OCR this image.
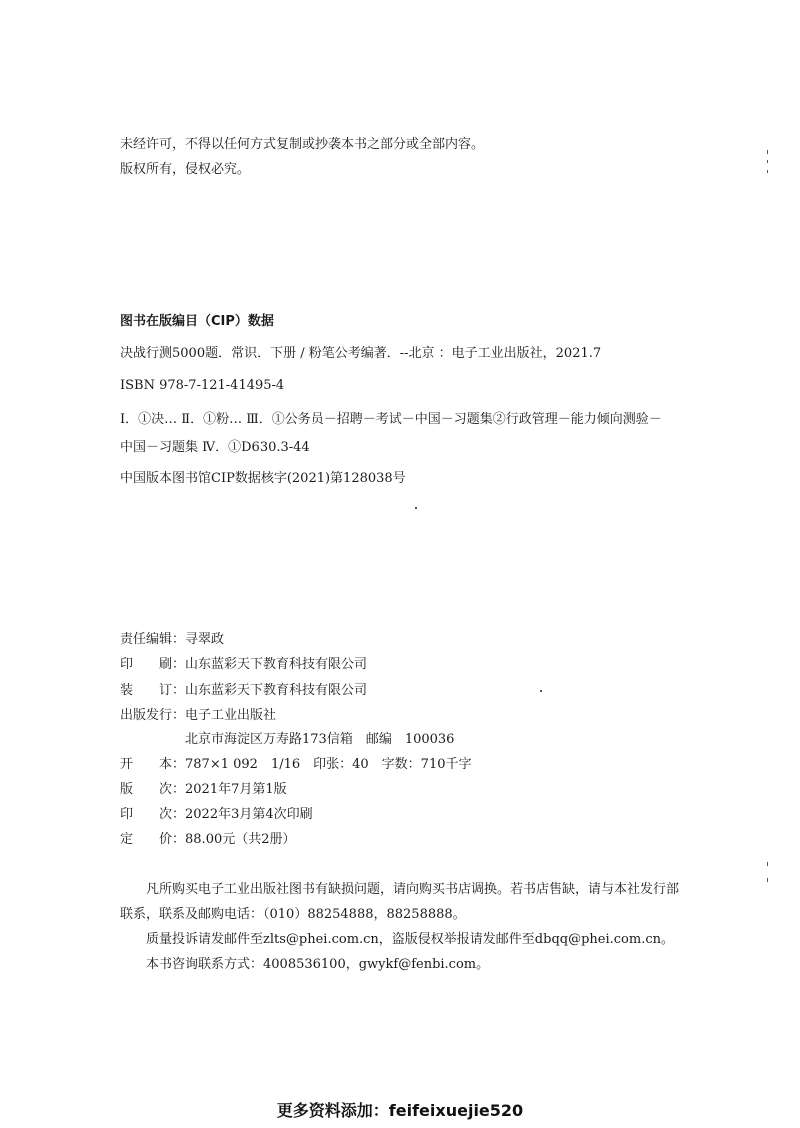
未经许可，不得以任何方式复制或抄袭本书之部分或全部内容。
版权所有，侵权必究。
图书在版编目（CIP）数据
决战行测5000题．常识．下册 / 粉笔公考编著．--北京 ：电子工业出版社，2021.7
ISBN 978-7-121-41495-4
Ⅰ．①决… Ⅱ．①粉… Ⅲ．①公务员－招聘－考试－中国－习题集②行政管理－能力倾向测验－
中国－习题集 Ⅳ．①D630.3-44
中国版本图书馆CIP数据核字(2021)第128038号
责任编辑：寻翠政
印　　刷：山东蓝彩天下教育科技有限公司
装　　订：山东蓝彩天下教育科技有限公司
出版发行：电子工业出版社
北京市海淀区万寿路173信箱　邮编　100036
开　　本：787×1 092　1/16　印张：40　字数：710千字
版　　次：2021年7月第1版
印　　次：2022年3月第4次印刷
定　　价：88.00元（共2册）
凡所购买电子工业出版社图书有缺损问题，请向购买书店调换。若书店售缺，请与本社发行部
联系，联系及邮购电话：（010）88254888，88258888。
质量投诉请发邮件至zlts@phei.com.cn，盗版侵权举报请发邮件至dbqq@phei.com.cn。
本书咨询联系方式：4008536100，gwykf@fenbi.com。
更多资料添加：feifeixuejie520
